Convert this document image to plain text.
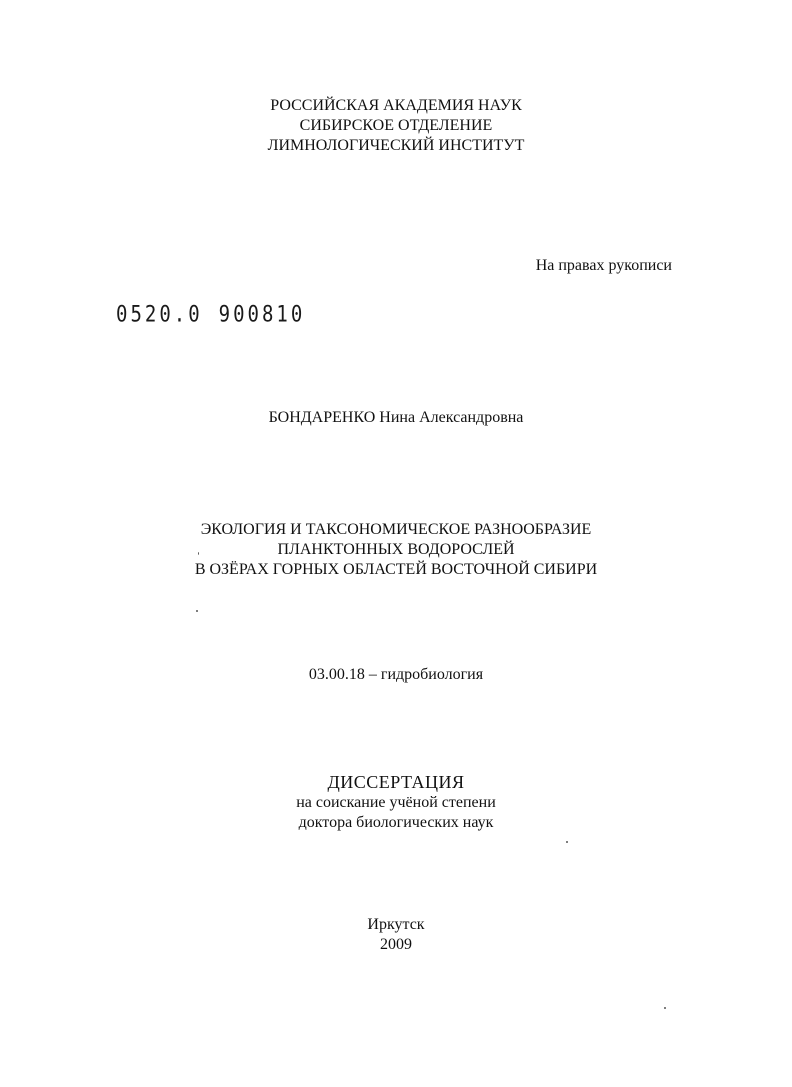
РОССИЙСКАЯ АКАДЕМИЯ НАУК
СИБИРСКОЕ ОТДЕЛЕНИЕ
ЛИМНОЛОГИЧЕСКИЙ ИНСТИТУТ
На правах рукописи
0520.0 900810
БОНДАРЕНКО Нина Александровна
ЭКОЛОГИЯ И ТАКСОНОМИЧЕСКОЕ РАЗНООБРАЗИЕ
ПЛАНКТОННЫХ ВОДОРОСЛЕЙ
В ОЗЁРАХ ГОРНЫХ ОБЛАСТЕЙ ВОСТОЧНОЙ СИБИРИ
03.00.18 – гидробиология
ДИССЕРТАЦИЯ
на соискание учёной степени
доктора биологических наук
Иркутск
2009
